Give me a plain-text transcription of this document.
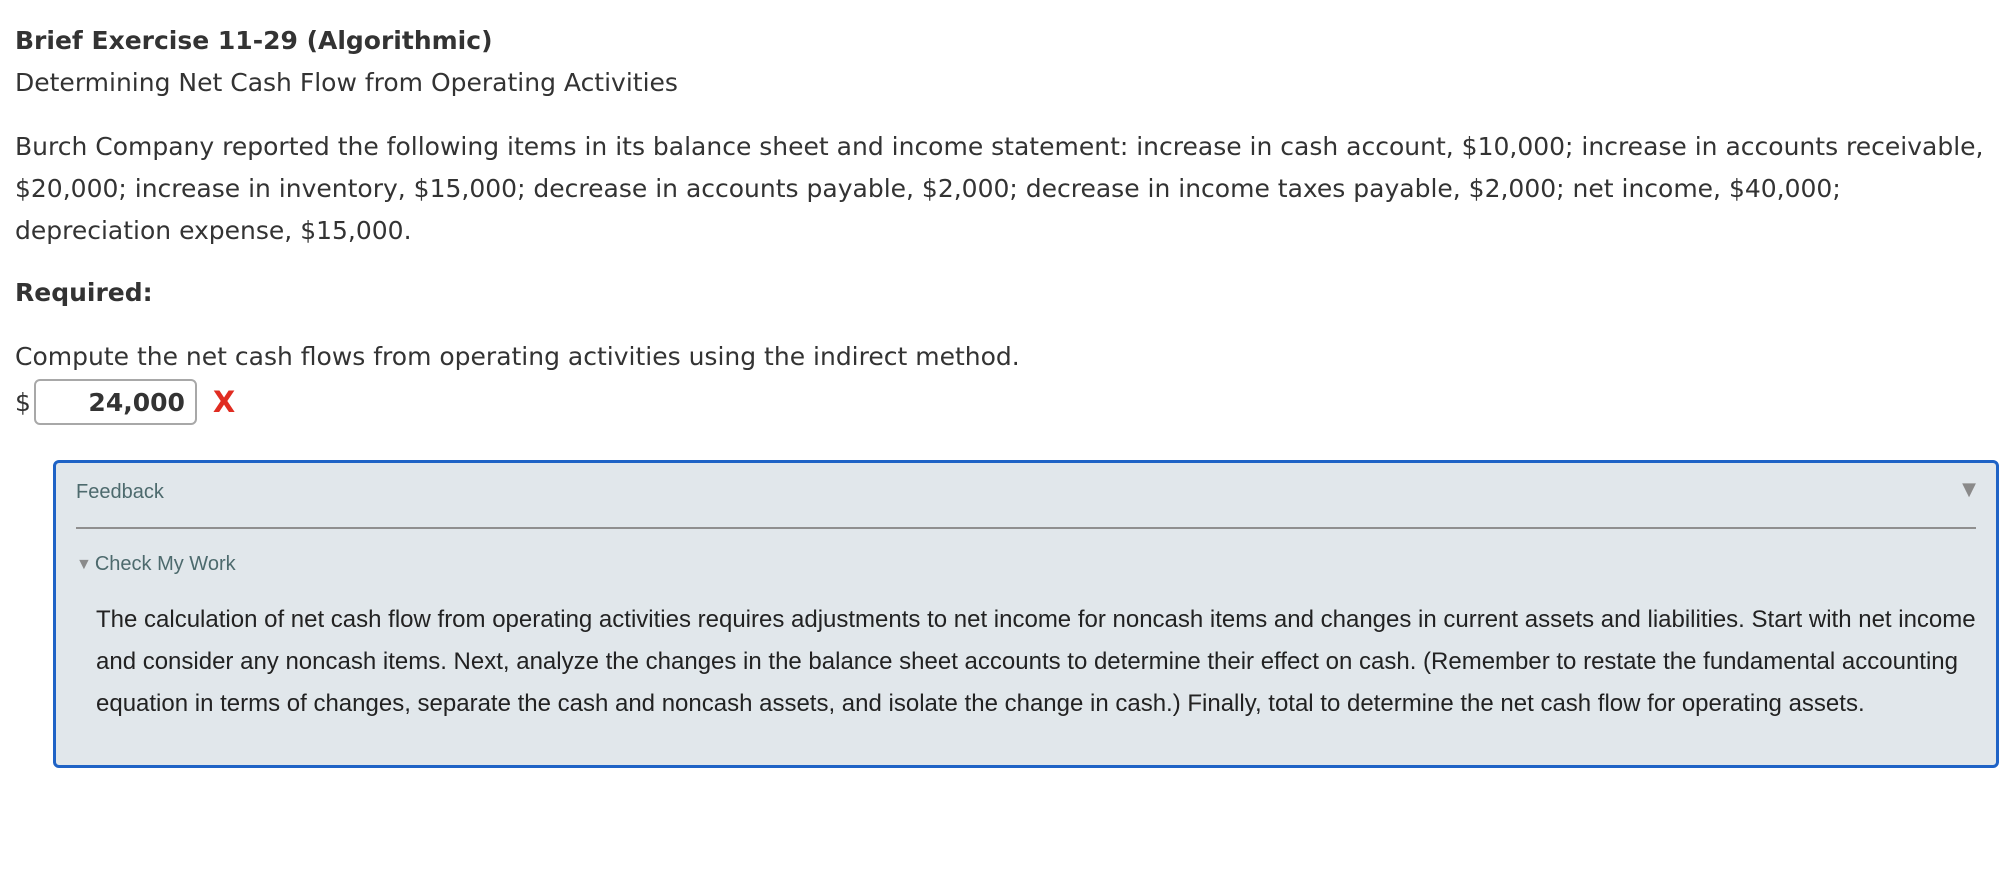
Brief Exercise 11-29 (Algorithmic)

Determining Net Cash Flow from Operating Activities

Burch Company reported the following items in its balance sheet and income statement: increase in cash account, $10,000; increase in accounts receivable, $20,000; increase in inventory, $15,000; decrease in accounts payable, $2,000; decrease in income taxes payable, $2,000; net income, $40,000; depreciation expense, $15,000.

Required:

Compute the net cash flows from operating activities using the indirect method.

$
24,000	X
Feedback	▼
▼ Check My Work

The calculation of net cash flow from operating activities requires adjustments to net income for noncash items and changes in current assets and liabilities. Start with net income and consider any noncash items. Next, analyze the changes in the balance sheet accounts to determine their effect on cash. (Remember to restate the fundamental accounting equation in terms of changes, separate the cash and noncash assets, and isolate the change in cash.) Finally, total to determine the net cash flow for operating assets.
